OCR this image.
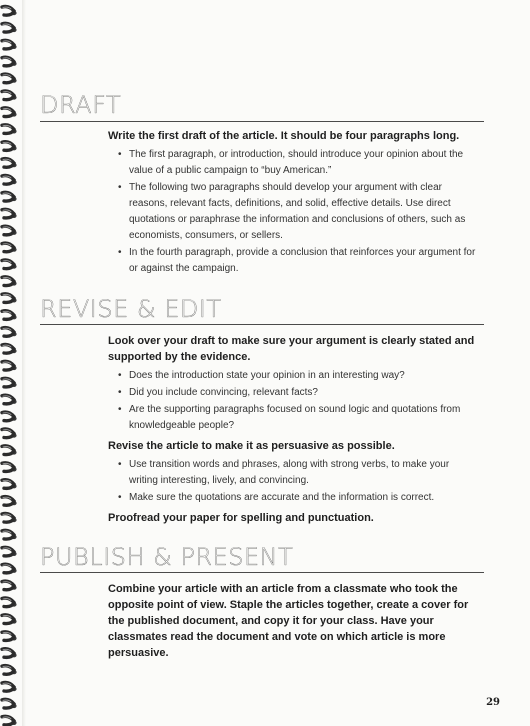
DRAFT

Write the first draft of the article. It should be four paragraphs long.

• The first paragraph, or introduction, should introduce your opinion about the value of a public campaign to “buy American.”
• The following two paragraphs should develop your argument with clear reasons, relevant facts, definitions, and solid, effective details. Use direct quotations or paraphrase the information and conclusions of others, such as economists, consumers, or sellers.
• In the fourth paragraph, provide a conclusion that reinforces your argument for or against the campaign.
REVISE & EDIT

Look over your draft to make sure your argument is clearly stated and supported by the evidence.

• Does the introduction state your opinion in an interesting way?
• Did you include convincing, relevant facts?
• Are the supporting paragraphs focused on sound logic and quotations from knowledgeable people?

Revise the article to make it as persuasive as possible.

• Use transition words and phrases, along with strong verbs, to make your writing interesting, lively, and convincing.
• Make sure the quotations are accurate and the information is correct.

Proofread your paper for spelling and punctuation.

PUBLISH & PRESENT

Combine your article with an article from a classmate who took the opposite point of view. Staple the articles together, create a cover for the published document, and copy it for your class. Have your classmates read the document and vote on which article is more persuasive.

29
